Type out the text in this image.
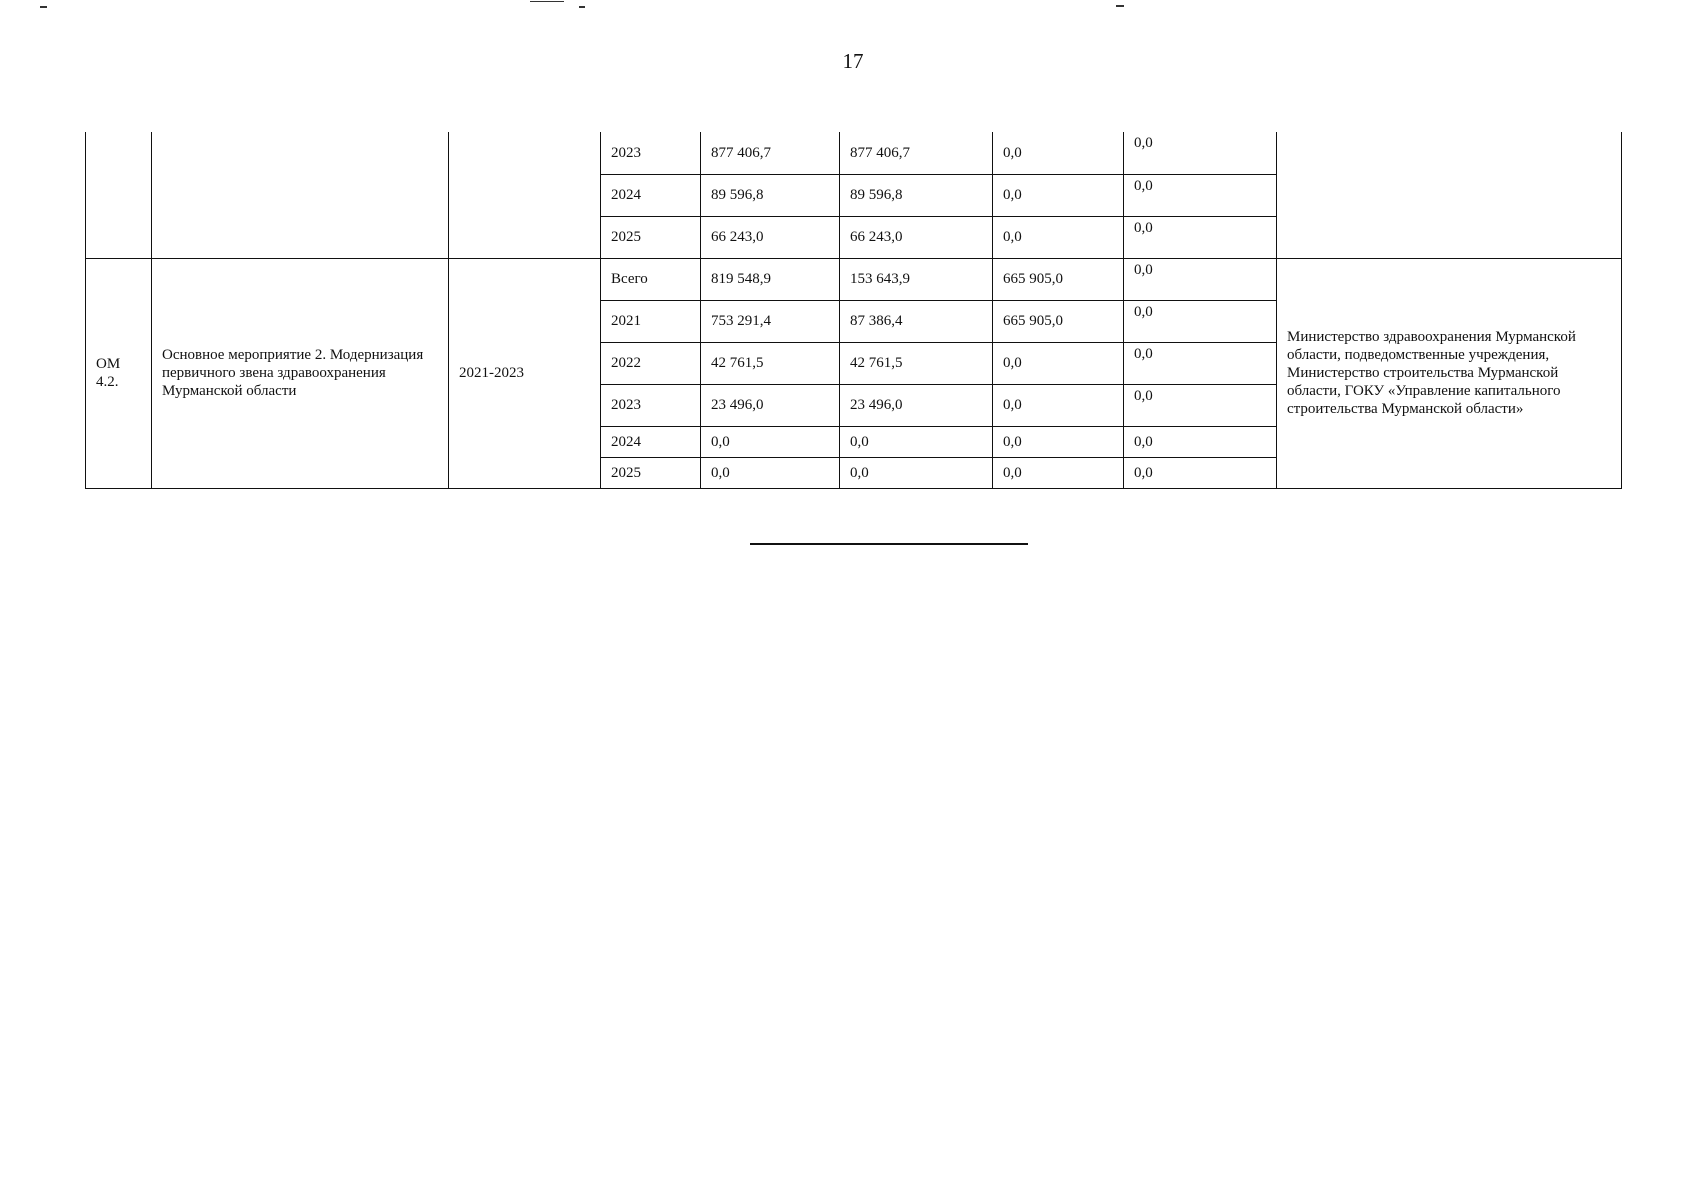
17
			2023	877 406,7	877 406,7	0,0	0,0	
			2024	89 596,8	89 596,8	0,0	0,0	
			2025	66 243,0	66 243,0	0,0	0,0	
ОМ 4.2.	Основное мероприятие 2. Модернизация первичного звена здравоохранения Мурманской области	2021-2023	Всего	819 548,9	153 643,9	665 905,0	0,0	Министерство здравоохранения Мурманской области, подведомственные учреждения, Министерство строительства Мурманской области, ГОКУ «Управление капитального строительства Мурманской области»
			2021	753 291,4	87 386,4	665 905,0	0,0	
			2022	42 761,5	42 761,5	0,0	0,0	
			2023	23 496,0	23 496,0	0,0	0,0	
			2024	0,0	0,0	0,0	0,0	
			2025	0,0	0,0	0,0	0,0	
